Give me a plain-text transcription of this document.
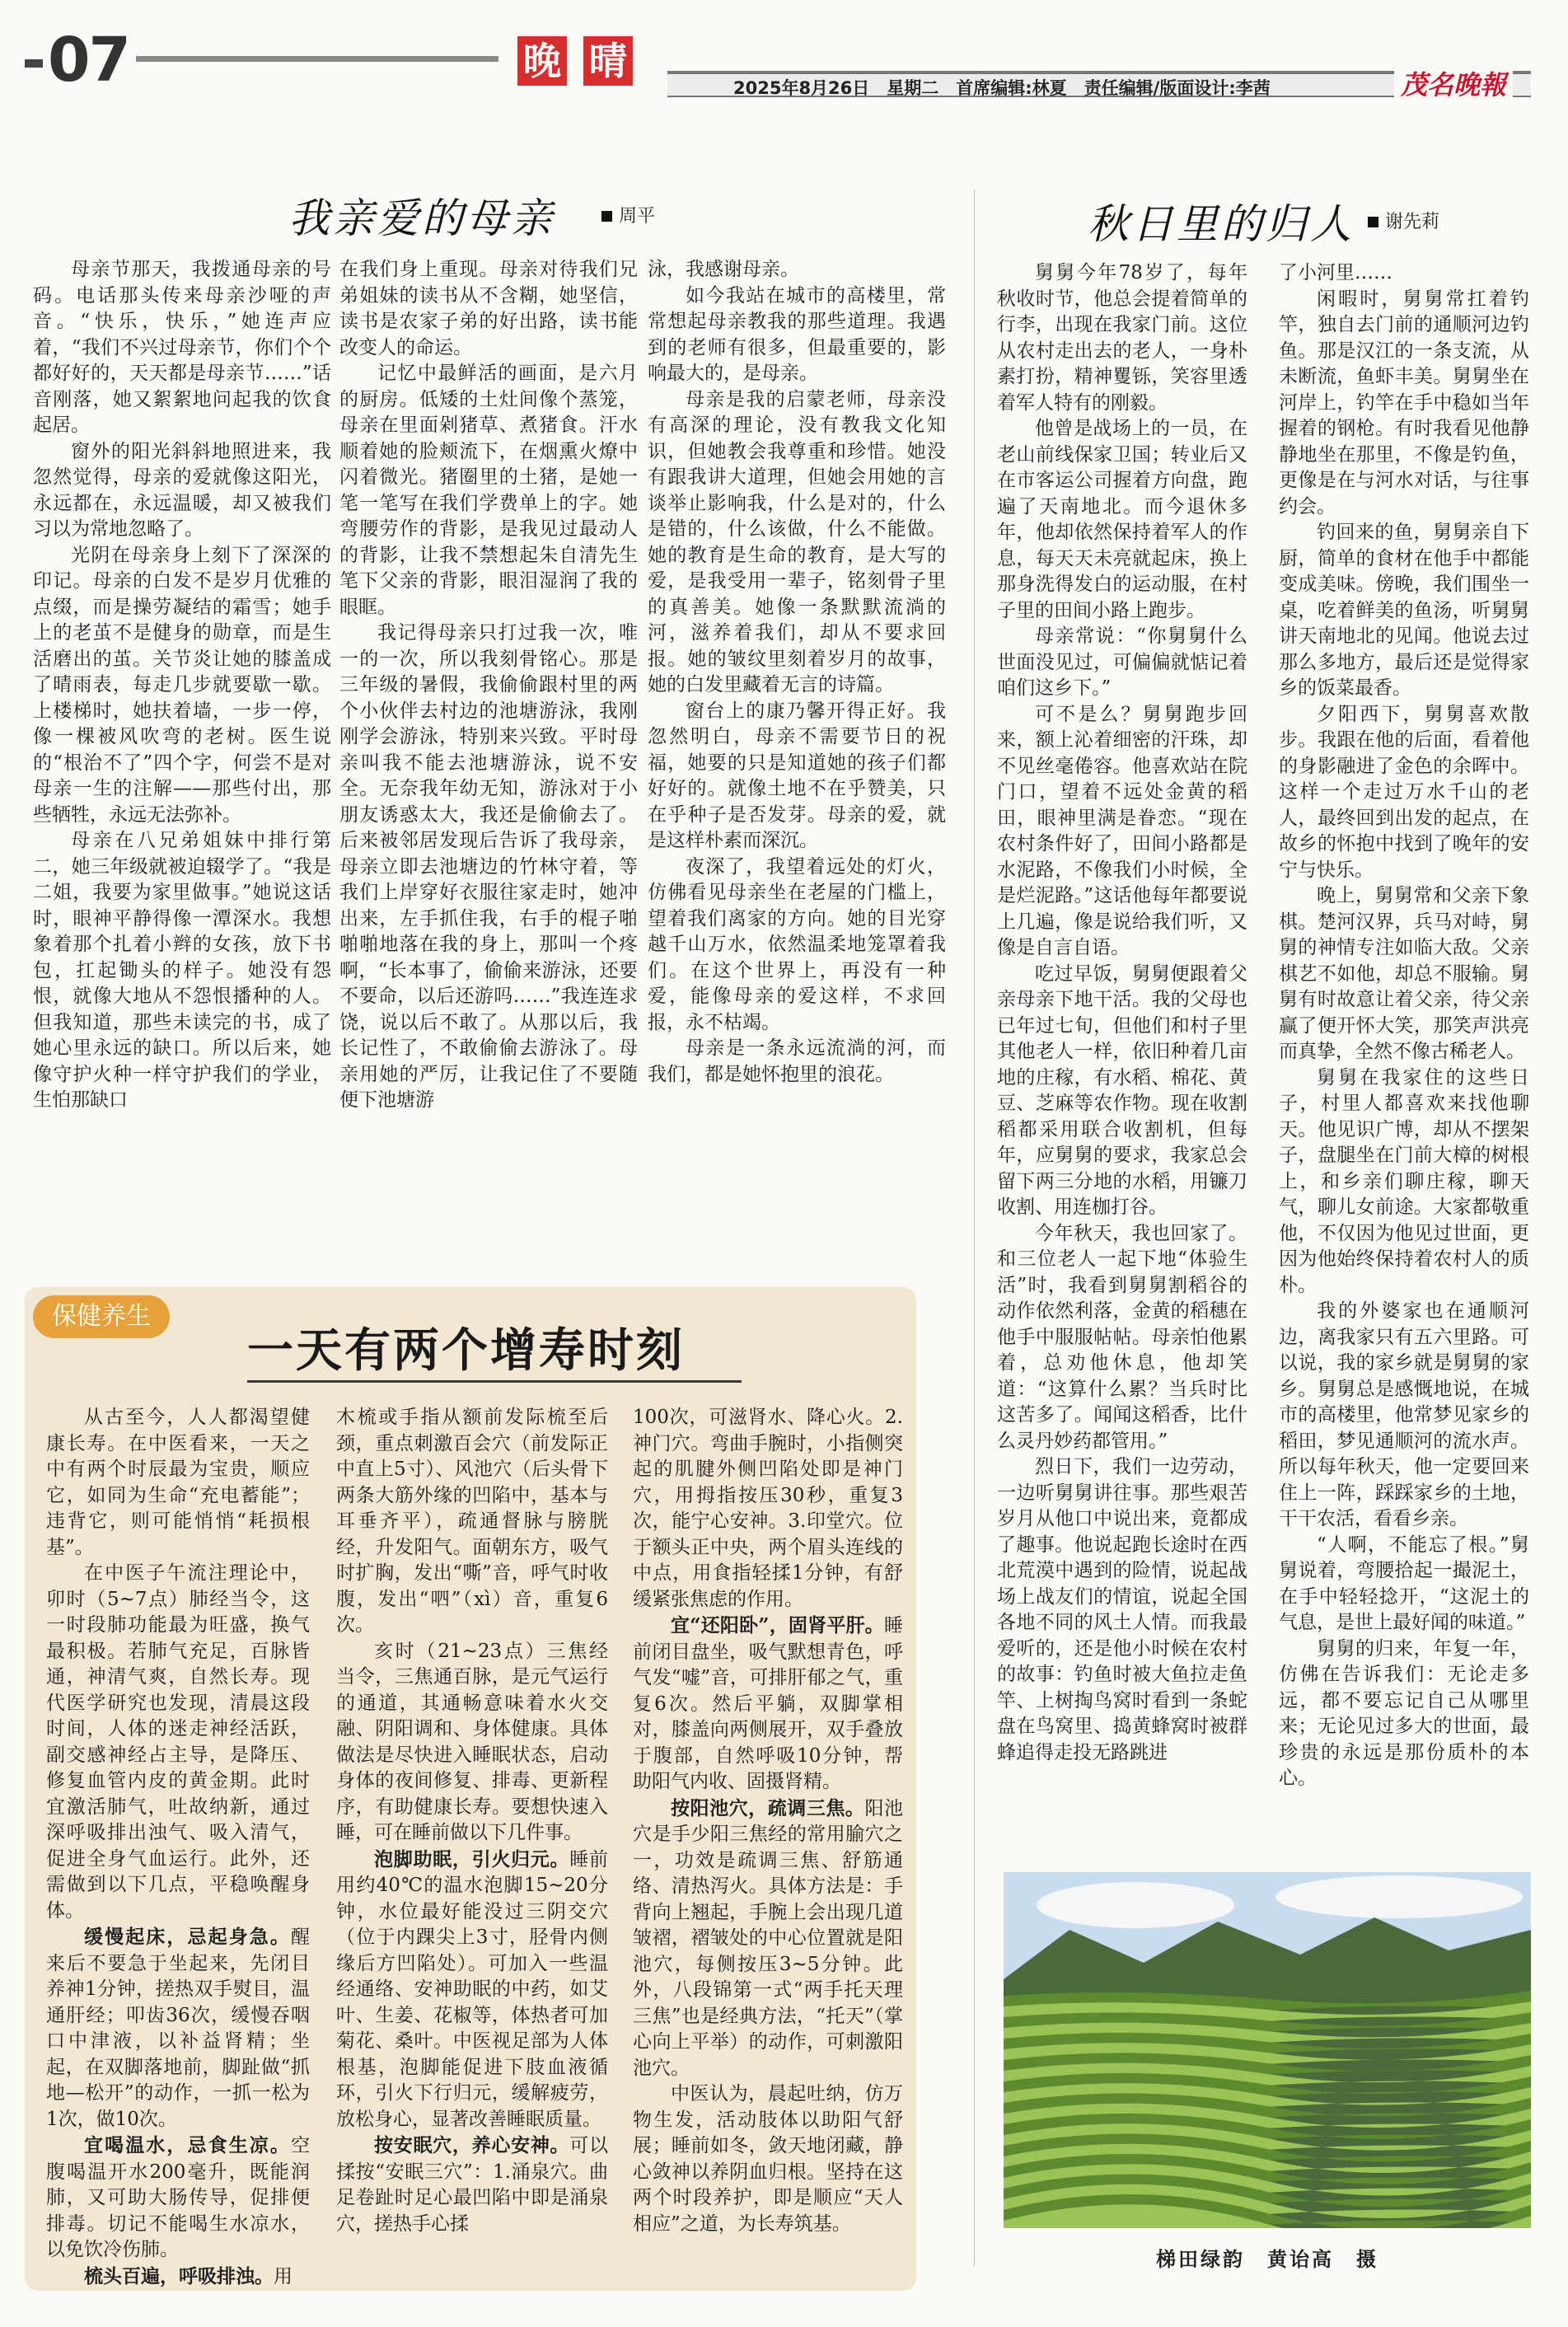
07	晚 晴
2025年8月26日　星期二　首席编辑:林夏　责任编辑/版面设计:李茜	茂名晚報
我亲爱的母亲	周平

母亲节那天，我拨通母亲的号码。电话那头传来母亲沙哑的声音。“快乐，快乐，”她连声应着，“我们不兴过母亲节，你们个个都好好的，天天都是母亲节……”话音刚落，她又絮絮地问起我的饮食起居。

窗外的阳光斜斜地照进来，我忽然觉得，母亲的爱就像这阳光，永远都在，永远温暖，却又被我们习以为常地忽略了。

光阴在母亲身上刻下了深深的印记。母亲的白发不是岁月优雅的点缀，而是操劳凝结的霜雪；她手上的老茧不是健身的勋章，而是生活磨出的茧。关节炎让她的膝盖成了晴雨表，每走几步就要歇一歇。上楼梯时，她扶着墙，一步一停，像一棵被风吹弯的老树。医生说的“根治不了”四个字，何尝不是对母亲一生的注解——那些付出，那些牺牲，永远无法弥补。

母亲在八兄弟姐妹中排行第二，她三年级就被迫辍学了。“我是二姐，我要为家里做事。”她说这话时，眼神平静得像一潭深水。我想象着那个扎着小辫的女孩，放下书包，扛起锄头的样子。她没有怨恨，就像大地从不怨恨播种的人。但我知道，那些未读完的书，成了她心里永远的缺口。所以后来，她像守护火种一样守护我们的学业，生怕那缺口

在我们身上重现。母亲对待我们兄弟姐妹的读书从不含糊，她坚信，读书是农家子弟的好出路，读书能改变人的命运。

记忆中最鲜活的画面，是六月的厨房。低矮的土灶间像个蒸笼，母亲在里面剁猪草、煮猪食。汗水顺着她的脸颊流下，在烟熏火燎中闪着微光。猪圈里的土猪，是她一笔一笔写在我们学费单上的字。她弯腰劳作的背影，是我见过最动人的背影，让我不禁想起朱自清先生笔下父亲的背影，眼泪湿润了我的眼眶。

我记得母亲只打过我一次，唯一的一次，所以我刻骨铭心。那是三年级的暑假，我偷偷跟村里的两个小伙伴去村边的池塘游泳，我刚刚学会游泳，特别来兴致。平时母亲叫我不能去池塘游泳，说不安全。无奈我年幼无知，游泳对于小朋友诱惑太大，我还是偷偷去了。后来被邻居发现后告诉了我母亲，母亲立即去池塘边的竹林守着，等我们上岸穿好衣服往家走时，她冲出来，左手抓住我，右手的棍子啪啪啪地落在我的身上，那叫一个疼啊，“长本事了，偷偷来游泳，还要不要命，以后还游吗……”我连连求饶，说以后不敢了。从那以后，我长记性了，不敢偷偷去游泳了。母亲用她的严厉，让我记住了不要随便下池塘游

泳，我感谢母亲。

如今我站在城市的高楼里，常常想起母亲教我的那些道理。我遇到的老师有很多，但最重要的，影响最大的，是母亲。

母亲是我的启蒙老师，母亲没有高深的理论，没有教我文化知识，但她教会我尊重和珍惜。她没有跟我讲大道理，但她会用她的言谈举止影响我，什么是对的，什么是错的，什么该做，什么不能做。她的教育是生命的教育，是大写的爱，是我受用一辈子，铭刻骨子里的真善美。她像一条默默流淌的河，滋养着我们，却从不要求回报。她的皱纹里刻着岁月的故事，她的白发里藏着无言的诗篇。

窗台上的康乃馨开得正好。我忽然明白，母亲不需要节日的祝福，她要的只是知道她的孩子们都好好的。就像土地不在乎赞美，只在乎种子是否发芽。母亲的爱，就是这样朴素而深沉。

夜深了，我望着远处的灯火，仿佛看见母亲坐在老屋的门槛上，望着我们离家的方向。她的目光穿越千山万水，依然温柔地笼罩着我们。在这个世界上，再没有一种爱，能像母亲的爱这样，不求回报，永不枯竭。

母亲是一条永远流淌的河，而我们，都是她怀抱里的浪花。

秋日里的归人	谢先莉

舅舅今年78岁了，每年秋收时节，他总会提着简单的行李，出现在我家门前。这位从农村走出去的老人，一身朴素打扮，精神矍铄，笑容里透着军人特有的刚毅。

他曾是战场上的一员，在老山前线保家卫国；转业后又在市客运公司握着方向盘，跑遍了天南地北。而今退休多年，他却依然保持着军人的作息，每天天未亮就起床，换上那身洗得发白的运动服，在村子里的田间小路上跑步。

母亲常说：“你舅舅什么世面没见过，可偏偏就惦记着咱们这乡下。”

可不是么？舅舅跑步回来，额上沁着细密的汗珠，却不见丝毫倦容。他喜欢站在院门口，望着不远处金黄的稻田，眼神里满是眷恋。“现在农村条件好了，田间小路都是水泥路，不像我们小时候，全是烂泥路。”这话他每年都要说上几遍，像是说给我们听，又像是自言自语。

吃过早饭，舅舅便跟着父亲母亲下地干活。我的父母也已年过七旬，但他们和村子里其他老人一样，依旧种着几亩地的庄稼，有水稻、棉花、黄豆、芝麻等农作物。现在收割稻都采用联合收割机，但每年，应舅舅的要求，我家总会留下两三分地的水稻，用镰刀收割、用连枷打谷。

今年秋天，我也回家了。和三位老人一起下地“体验生活”时，我看到舅舅割稻谷的动作依然利落，金黄的稻穗在他手中服服帖帖。母亲怕他累着，总劝他休息，他却笑道：“这算什么累？当兵时比这苦多了。闻闻这稻香，比什么灵丹妙药都管用。”

烈日下，我们一边劳动，一边听舅舅讲往事。那些艰苦岁月从他口中说出来，竟都成了趣事。他说起跑长途时在西北荒漠中遇到的险情，说起战场上战友们的情谊，说起全国各地不同的风土人情。而我最爱听的，还是他小时候在农村的故事：钓鱼时被大鱼拉走鱼竿、上树掏鸟窝时看到一条蛇盘在鸟窝里、捣黄蜂窝时被群蜂追得走投无路跳进

了小河里……

闲暇时，舅舅常扛着钓竿，独自去门前的通顺河边钓鱼。那是汉江的一条支流，从未断流，鱼虾丰美。舅舅坐在河岸上，钓竿在手中稳如当年握着的钢枪。有时我看见他静静地坐在那里，不像是钓鱼，更像是在与河水对话，与往事约会。

钓回来的鱼，舅舅亲自下厨，简单的食材在他手中都能变成美味。傍晚，我们围坐一桌，吃着鲜美的鱼汤，听舅舅讲天南地北的见闻。他说去过那么多地方，最后还是觉得家乡的饭菜最香。

夕阳西下，舅舅喜欢散步。我跟在他的后面，看着他的身影融进了金色的余晖中。这样一个走过万水千山的老人，最终回到出发的起点，在故乡的怀抱中找到了晚年的安宁与快乐。

晚上，舅舅常和父亲下象棋。楚河汉界，兵马对峙，舅舅的神情专注如临大敌。父亲棋艺不如他，却总不服输。舅舅有时故意让着父亲，待父亲赢了便开怀大笑，那笑声洪亮而真挚，全然不像古稀老人。

舅舅在我家住的这些日子，村里人都喜欢来找他聊天。他见识广博，却从不摆架子，盘腿坐在门前大樟的树根上，和乡亲们聊庄稼，聊天气，聊儿女前途。大家都敬重他，不仅因为他见过世面，更因为他始终保持着农村人的质朴。

我的外婆家也在通顺河边，离我家只有五六里路。可以说，我的家乡就是舅舅的家乡。舅舅总是感慨地说，在城市的高楼里，他常梦见家乡的稻田，梦见通顺河的流水声。所以每年秋天，他一定要回来住上一阵，踩踩家乡的土地，干干农活，看看乡亲。

“人啊，不能忘了根。”舅舅说着，弯腰拾起一撮泥土，在手中轻轻捻开，“这泥土的气息，是世上最好闻的味道。”

舅舅的归来，年复一年，仿佛在告诉我们：无论走多远，都不要忘记自己从哪里来；无论见过多大的世面，最珍贵的永远是那份质朴的本心。

保健养生
一天有两个增寿时刻

从古至今，人人都渴望健康长寿。在中医看来，一天之中有两个时辰最为宝贵，顺应它，如同为生命“充电蓄能”；违背它，则可能悄悄“耗损根基”。

在中医子午流注理论中，卯时（5~7点）肺经当令，这一时段肺功能最为旺盛，换气最积极。若肺气充足，百脉皆通，神清气爽，自然长寿。现代医学研究也发现，清晨这段时间，人体的迷走神经活跃，副交感神经占主导，是降压、修复血管内皮的黄金期。此时宜激活肺气，吐故纳新，通过深呼吸排出浊气、吸入清气，促进全身气血运行。此外，还需做到以下几点，平稳唤醒身体。

缓慢起床，忌起身急。醒来后不要急于坐起来，先闭目养神1分钟，搓热双手熨目，温通肝经；叩齿36次，缓慢吞咽口中津液，以补益肾精；坐起，在双脚落地前，脚趾做“抓地—松开”的动作，一抓一松为1次，做10次。

宜喝温水，忌食生凉。空腹喝温开水200毫升，既能润肺，又可助大肠传导，促排便排毒。切记不能喝生水凉水，以免饮冷伤肺。

梳头百遍，呼吸排浊。用

木梳或手指从额前发际梳至后颈，重点刺激百会穴（前发际正中直上5寸）、风池穴（后头骨下两条大筋外缘的凹陷中，基本与耳垂齐平），疏通督脉与膀胱经，升发阳气。面朝东方，吸气时扩胸，发出“嘶”音，呼气时收腹，发出“呬”（xì）音，重复6次。

亥时（21~23点）三焦经当令，三焦通百脉，是元气运行的通道，其通畅意味着水火交融、阴阳调和、身体健康。具体做法是尽快进入睡眠状态，启动身体的夜间修复、排毒、更新程序，有助健康长寿。要想快速入睡，可在睡前做以下几件事。

泡脚助眠，引火归元。睡前用约40℃的温水泡脚15~20分钟，水位最好能没过三阴交穴（位于内踝尖上3寸，胫骨内侧缘后方凹陷处）。可加入一些温经通络、安神助眠的中药，如艾叶、生姜、花椒等，体热者可加菊花、桑叶。中医视足部为人体根基，泡脚能促进下肢血液循环，引火下行归元，缓解疲劳，放松身心，显著改善睡眠质量。

按安眠穴，养心安神。可以揉按“安眠三穴”：1.涌泉穴。曲足卷趾时足心最凹陷中即是涌泉穴，搓热手心揉

100次，可滋肾水、降心火。2.神门穴。弯曲手腕时，小指侧突起的肌腱外侧凹陷处即是神门穴，用拇指按压30秒，重复3次，能宁心安神。3.印堂穴。位于额头正中央，两个眉头连线的中点，用食指轻揉1分钟，有舒缓紧张焦虑的作用。

宜“还阳卧”，固肾平肝。睡前闭目盘坐，吸气默想青色，呼气发“嘘”音，可排肝郁之气，重复6次。然后平躺，双脚掌相对，膝盖向两侧展开，双手叠放于腹部，自然呼吸10分钟，帮助阳气内收、固摄肾精。

按阳池穴，疏调三焦。阳池穴是手少阳三焦经的常用腧穴之一，功效是疏调三焦、舒筋通络、清热泻火。具体方法是：手背向上翘起，手腕上会出现几道皱褶，褶皱处的中心位置就是阳池穴，每侧按压3~5分钟。此外，八段锦第一式“两手托天理三焦”也是经典方法，“托天”（掌心向上平举）的动作，可刺激阳池穴。

中医认为，晨起吐纳，仿万物生发，活动肢体以助阳气舒展；睡前如冬，敛天地闭藏，静心敛神以养阴血归根。坚持在这两个时段养护，即是顺应“天人相应”之道，为长寿筑基。

梯田绿韵　黄诒高　摄
